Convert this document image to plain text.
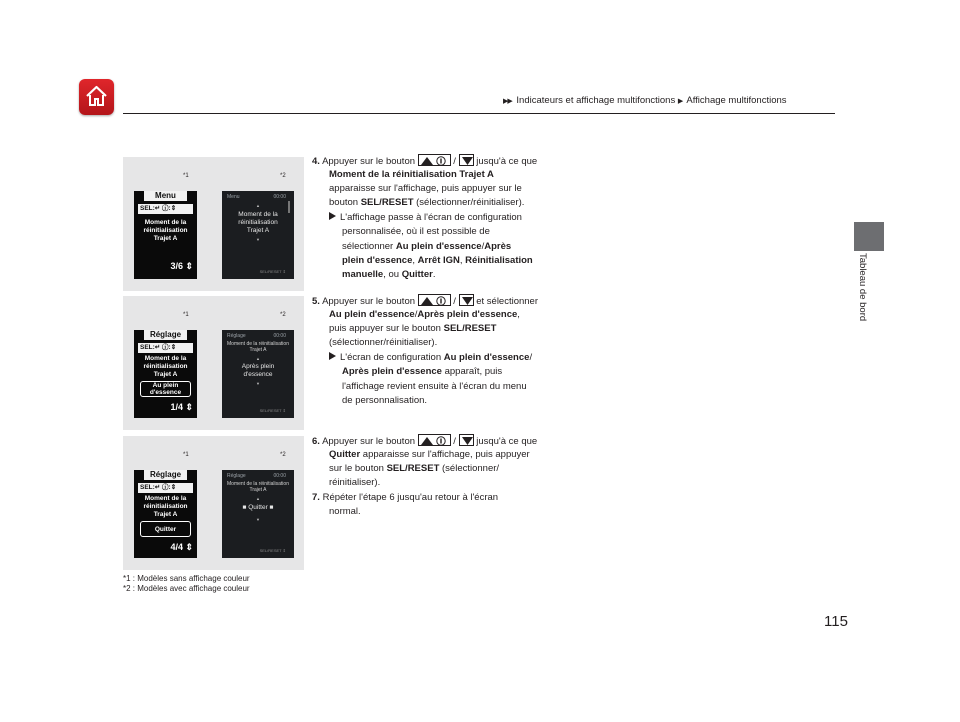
▶▶ Indicateurs et affichage multifonctions ▶ Affichage multifonctions
Tableau de bord
*1	*2
Menu
SEL:↵ ⓘ:⇕
Moment de la réinitialisation Trajet A
3/6 ⇕
Menu	00:00
▲
Moment de la réinitialisation Trajet A
▼
SEL/RESET ⇕
*1	*2
Réglage
SEL:↵ ⓘ:⇕
Moment de la réinitialisation Trajet A
Au plein d'essence
1/4 ⇕
Réglage	00:00
Moment de la réinitialisation Trajet A
▲
Après plein d'essence
▼
SEL/RESET ⇕
*1	*2
Réglage
SEL:↵ ⓘ:⇕
Moment de la réinitialisation Trajet A
Quitter
4/4 ⇕
Réglage	00:00
Moment de la réinitialisation Trajet A
▲
■ Quitter ■
▼
SEL/RESET ⇕
4. Appuyer sur le bouton	/ jusqu'à ce que
Moment de la réinitialisation Trajet A
apparaisse sur l'affichage, puis appuyer sur le
bouton SEL/RESET (sélectionner/réinitialiser).
L'affichage passe à l'écran de configuration
personnalisée, où il est possible de
sélectionner Au plein d'essence/Après
plein d'essence, Arrêt IGN, Réinitialisation
manuelle, ou Quitter.
5. Appuyer sur le bouton	/ et sélectionner
Au plein d'essence/Après plein d'essence,
puis appuyer sur le bouton SEL/RESET
(sélectionner/réinitialiser).
L'écran de configuration Au plein d'essence/
Après plein d'essence apparaît, puis
l'affichage revient ensuite à l'écran du menu
de personnalisation.
6. Appuyer sur le bouton	/ jusqu'à ce que
Quitter apparaisse sur l'affichage, puis appuyer
sur le bouton SEL/RESET (sélectionner/
réinitialiser).
7. Répéter l'étape 6 jusqu'au retour à l'écran
normal.
*1 : Modèles sans affichage couleur
*2 : Modèles avec affichage couleur
115
